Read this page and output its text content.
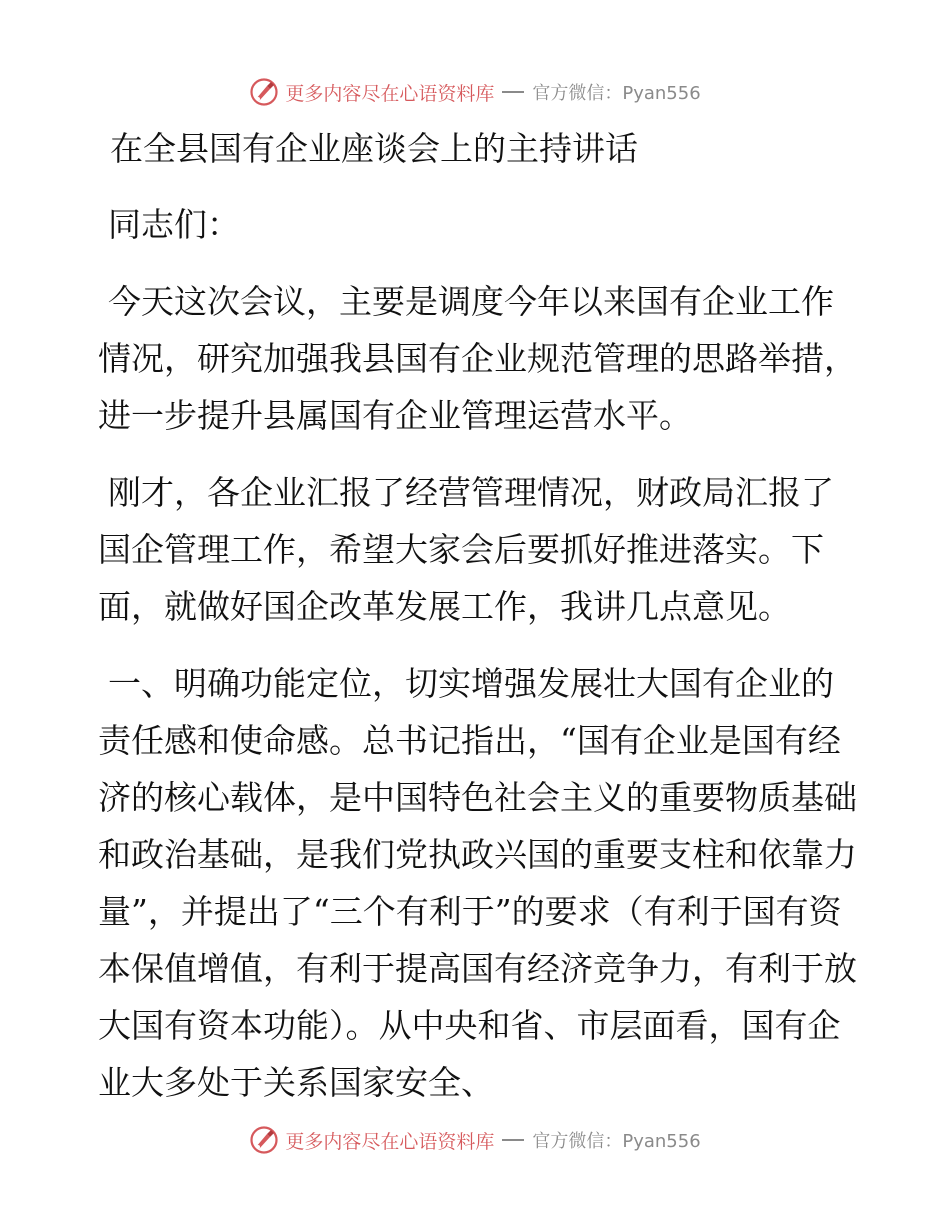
更多内容尽在心语资料库 官方微信：Pyan556
在全县国有企业座谈会上的主持讲话

同志们：

今天这次会议，主要是调度今年以来国有企业工作情况，研究加强我县国有企业规范管理的思路举措，进一步提升县属国有企业管理运营水平。

刚才，各企业汇报了经营管理情况，财政局汇报了国企管理工作，希望大家会后要抓好推进落实。下面，就做好国企改革发展工作，我讲几点意见。

一、明确功能定位，切实增强发展壮大国有企业的责任感和使命感。总书记指出，“国有企业是国有经济的核心载体，是中国特色社会主义的重要物质基础和政治基础，是我们党执政兴国的重要支柱和依靠力量”，并提出了“三个有利于”的要求（有利于国有资本保值增值，有利于提高国有经济竞争力，有利于放大国有资本功能）。从中央和省、市层面看，国有企业大多处于关系国家安全、

更多内容尽在心语资料库 官方微信：Pyan556
